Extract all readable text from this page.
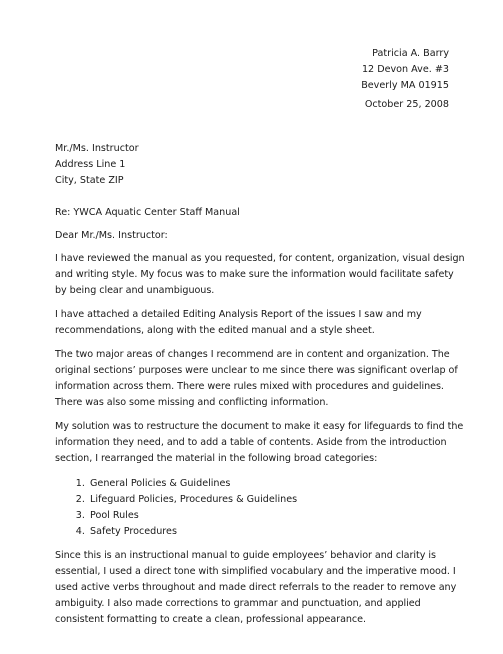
Patricia A. Barry
12 Devon Ave. #3
Beverly MA 01915
October 25, 2008
Mr./Ms. Instructor
Address Line 1
City, State ZIP
Re: YWCA Aquatic Center Staff Manual
Dear Mr./Ms. Instructor:

I have reviewed the manual as you requested, for content, organization, visual design and writing style. My focus was to make sure the information would facilitate safety by being clear and unambiguous.

I have attached a detailed Editing Analysis Report of the issues I saw and my recommendations, along with the edited manual and a style sheet.

The two major areas of changes I recommend are in content and organization. The original sections’ purposes were unclear to me since there was significant overlap of information across them. There were rules mixed with procedures and guidelines. There was also some missing and conflicting information.

My solution was to restructure the document to make it easy for lifeguards to find the information they need, and to add a table of contents. Aside from the introduction section, I rearranged the material in the following broad categories:

1. General Policies & Guidelines
2. Lifeguard Policies, Procedures & Guidelines
3. Pool Rules
4. Safety Procedures

Since this is an instructional manual to guide employees’ behavior and clarity is essential, I used a direct tone with simplified vocabulary and the imperative mood. I used active verbs throughout and made direct referrals to the reader to remove any ambiguity. I also made corrections to grammar and punctuation, and applied consistent formatting to create a clean, professional appearance.
